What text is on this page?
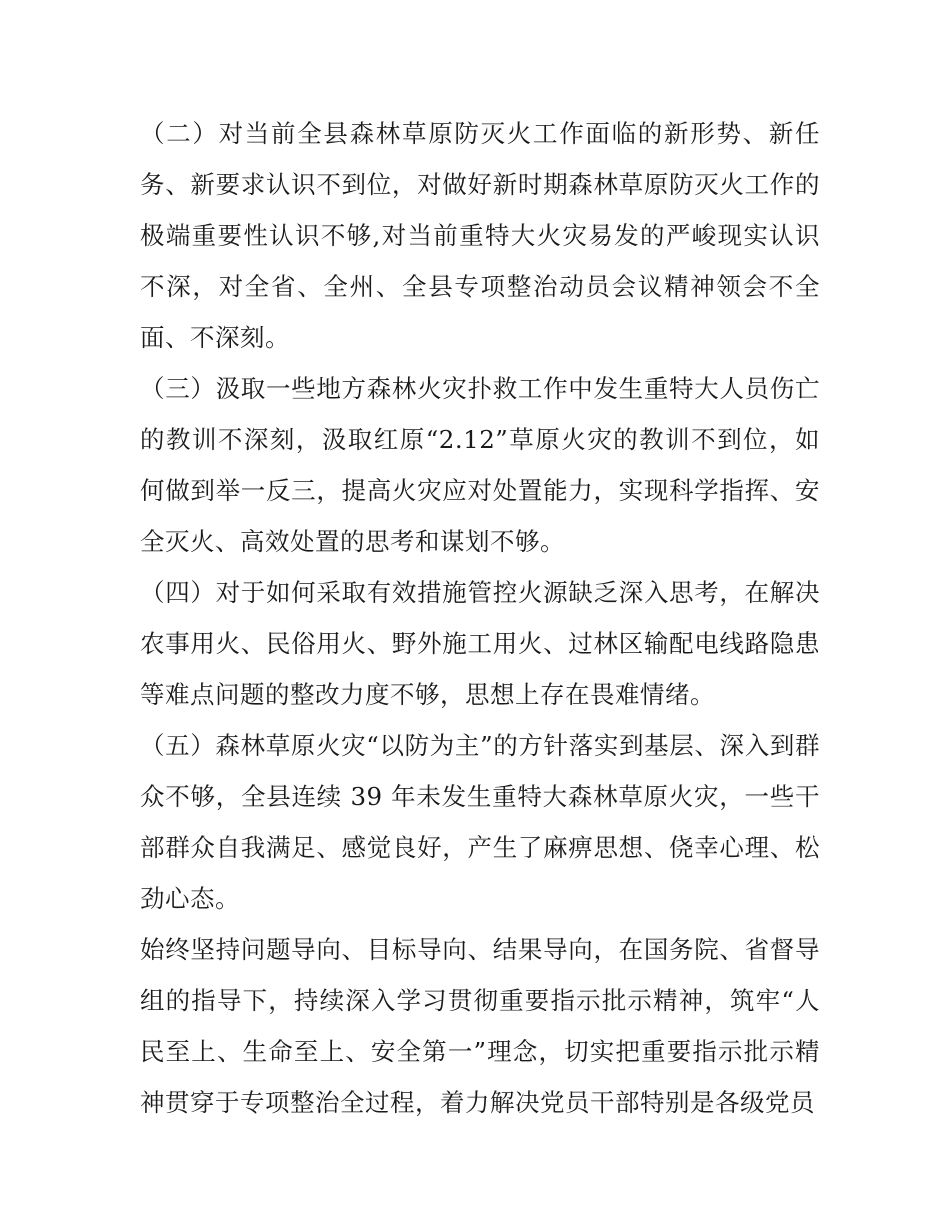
（二）对当前全县森林草原防灭火工作面临的新形势、新任务、新要求认识不到位，对做好新时期森林草原防灭火工作的极端重要性认识不够,对当前重特大火灾易发的严峻现实认识不深，对全省、全州、全县专项整治动员会议精神领会不全面、不深刻。

（三）汲取一些地方森林火灾扑救工作中发生重特大人员伤亡的教训不深刻，汲取红原“2.12”草原火灾的教训不到位，如何做到举一反三，提高火灾应对处置能力，实现科学指挥、安全灭火、高效处置的思考和谋划不够。

（四）对于如何采取有效措施管控火源缺乏深入思考，在解决农事用火、民俗用火、野外施工用火、过林区输配电线路隐患等难点问题的整改力度不够，思想上存在畏难情绪。

（五）森林草原火灾“以防为主”的方针落实到基层、深入到群众不够，全县连续 39 年未发生重特大森林草原火灾，一些干部群众自我满足、感觉良好，产生了麻痹思想、侥幸心理、松劲心态。

始终坚持问题导向、目标导向、结果导向，在国务院、省督导组的指导下，持续深入学习贯彻重要指示批示精神，筑牢“人民至上、生命至上、安全第一”理念，切实把重要指示批示精神贯穿于专项整治全过程，着力解决党员干部特别是各级党员
